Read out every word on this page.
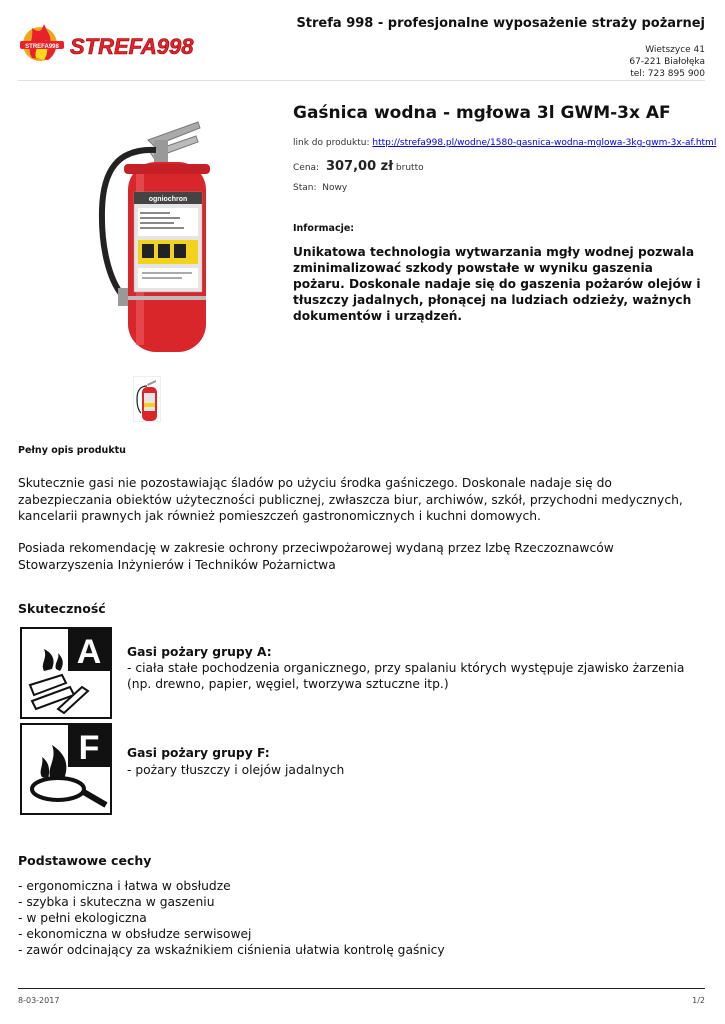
Strefa 998 - profesjonalne wyposażenie straży pożarnej
STREFA998 STREFA998	Wietszyce 41
67-221 Białołęka
tel: 723 895 900
ogniochron
Gaśnica wodna - mgłowa 3l GWM-3x AF
link do produktu: http://strefa998.pl/wodne/1580-gasnica-wodna-mglowa-3kg-gwm-3x-af.html
Cena: 307,00 zł brutto
Stan: Nowy
Informacje:
Unikatowa technologia wytwarzania mgły wodnej pozwala zminimalizować szkody powstałe w wyniku gaszenia pożaru. Doskonale nadaje się do gaszenia pożarów olejów i tłuszczy jadalnych, płonącej na ludziach odzieży, ważnych dokumentów i urządzeń.
Pełny opis produktu
Skutecznie gasi nie pozostawiając śladów po użyciu środka gaśniczego. Doskonale nadaje się do zabezpieczania obiektów użyteczności publicznej, zwłaszcza biur, archiwów, szkół, przychodni medycznych, kancelarii prawnych jak również pomieszczeń gastronomicznych i kuchni domowych.
Posiada rekomendację w zakresie ochrony przeciwpożarowej wydaną przez Izbę Rzeczoznawców Stowarzyszenia Inżynierów i Techników Pożarnictwa
Skuteczność
A Gasi pożary grupy A:
- ciała stałe pochodzenia organicznego, przy spalaniu których występuje zjawisko żarzenia (np. drewno, papier, węgiel, tworzywa sztuczne itp.)
F Gasi pożary grupy F:
- pożary tłuszczy i olejów jadalnych
Podstawowe cechy
- ergonomiczna i łatwa w obsłudze
- szybka i skuteczna w gaszeniu
- w pełni ekologiczna
- ekonomiczna w obsłudze serwisowej
- zawór odcinający za wskaźnikiem ciśnienia ułatwia kontrolę gaśnicy
8-03-2017	1/2
